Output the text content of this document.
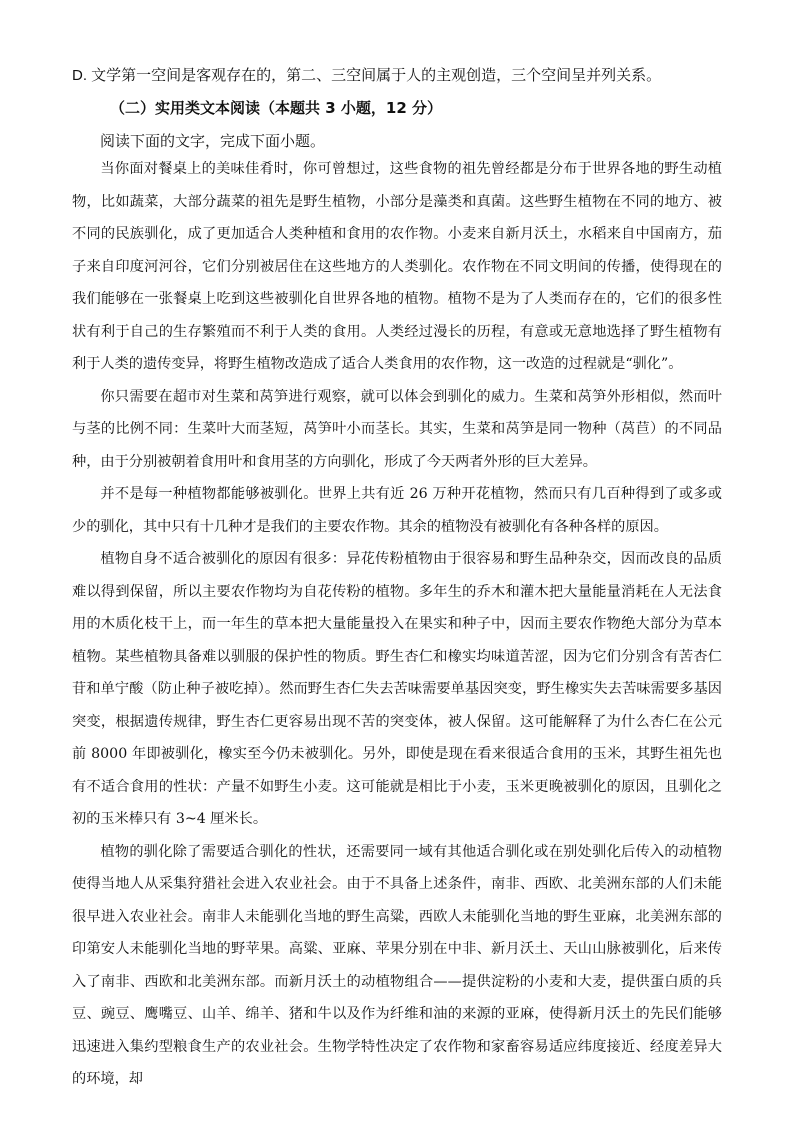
D. 文学第一空间是客观存在的，第二、三空间属于人的主观创造，三个空间呈并列关系。
（二）实用类文本阅读（本题共 3 小题，12 分）
阅读下面的文字，完成下面小题。

当你面对餐桌上的美味佳肴时，你可曾想过，这些食物的祖先曾经都是分布于世界各地的野生动植物，比如蔬菜，大部分蔬菜的祖先是野生植物，小部分是藻类和真菌。这些野生植物在不同的地方、被不同的民族驯化，成了更加适合人类种植和食用的农作物。小麦来自新月沃土，水稻来自中国南方，茄子来自印度河河谷，它们分别被居住在这些地方的人类驯化。农作物在不同文明间的传播，使得现在的我们能够在一张餐桌上吃到这些被驯化自世界各地的植物。植物不是为了人类而存在的，它们的很多性状有利于自己的生存繁殖而不利于人类的食用。人类经过漫长的历程，有意或无意地选择了野生植物有利于人类的遗传变异，将野生植物改造成了适合人类食用的农作物，这一改造的过程就是“驯化”。

你只需要在超市对生菜和莴笋进行观察，就可以体会到驯化的威力。生菜和莴笋外形相似，然而叶与茎的比例不同：生菜叶大而茎短，莴笋叶小而茎长。其实，生菜和莴笋是同一物种（莴苣）的不同品种，由于分别被朝着食用叶和食用茎的方向驯化，形成了今天两者外形的巨大差异。

并不是每一种植物都能够被驯化。世界上共有近 26 万种开花植物，然而只有几百种得到了或多或少的驯化，其中只有十几种才是我们的主要农作物。其余的植物没有被驯化有各种各样的原因。

植物自身不适合被驯化的原因有很多：异花传粉植物由于很容易和野生品种杂交，因而改良的品质难以得到保留，所以主要农作物均为自花传粉的植物。多年生的乔木和灌木把大量能量消耗在人无法食用的木质化枝干上，而一年生的草本把大量能量投入在果实和种子中，因而主要农作物绝大部分为草本植物。某些植物具备难以驯服的保护性的物质。野生杏仁和橡实均味道苦涩，因为它们分别含有苦杏仁苷和单宁酸（防止种子被吃掉）。然而野生杏仁失去苦味需要单基因突变，野生橡实失去苦味需要多基因突变，根据遗传规律，野生杏仁更容易出现不苦的突变体，被人保留。这可能解释了为什么杏仁在公元前 8000 年即被驯化，橡实至今仍未被驯化。另外，即使是现在看来很适合食用的玉米，其野生祖先也有不适合食用的性状：产量不如野生小麦。这可能就是相比于小麦，玉米更晚被驯化的原因，且驯化之初的玉米棒只有 3~4 厘米长。

植物的驯化除了需要适合驯化的性状，还需要同一域有其他适合驯化或在别处驯化后传入的动植物使得当地人从采集狩猎社会进入农业社会。由于不具备上述条件，南非、西欧、北美洲东部的人们未能很早进入农业社会。南非人未能驯化当地的野生高粱，西欧人未能驯化当地的野生亚麻，北美洲东部的印第安人未能驯化当地的野苹果。高粱、亚麻、苹果分别在中非、新月沃土、天山山脉被驯化，后来传入了南非、西欧和北美洲东部。而新月沃土的动植物组合——提供淀粉的小麦和大麦，提供蛋白质的兵豆、豌豆、鹰嘴豆、山羊、绵羊、猪和牛以及作为纤维和油的来源的亚麻，使得新月沃土的先民们能够迅速进入集约型粮食生产的农业社会。生物学特性决定了农作物和家畜容易适应纬度接近、经度差异大的环境，却
